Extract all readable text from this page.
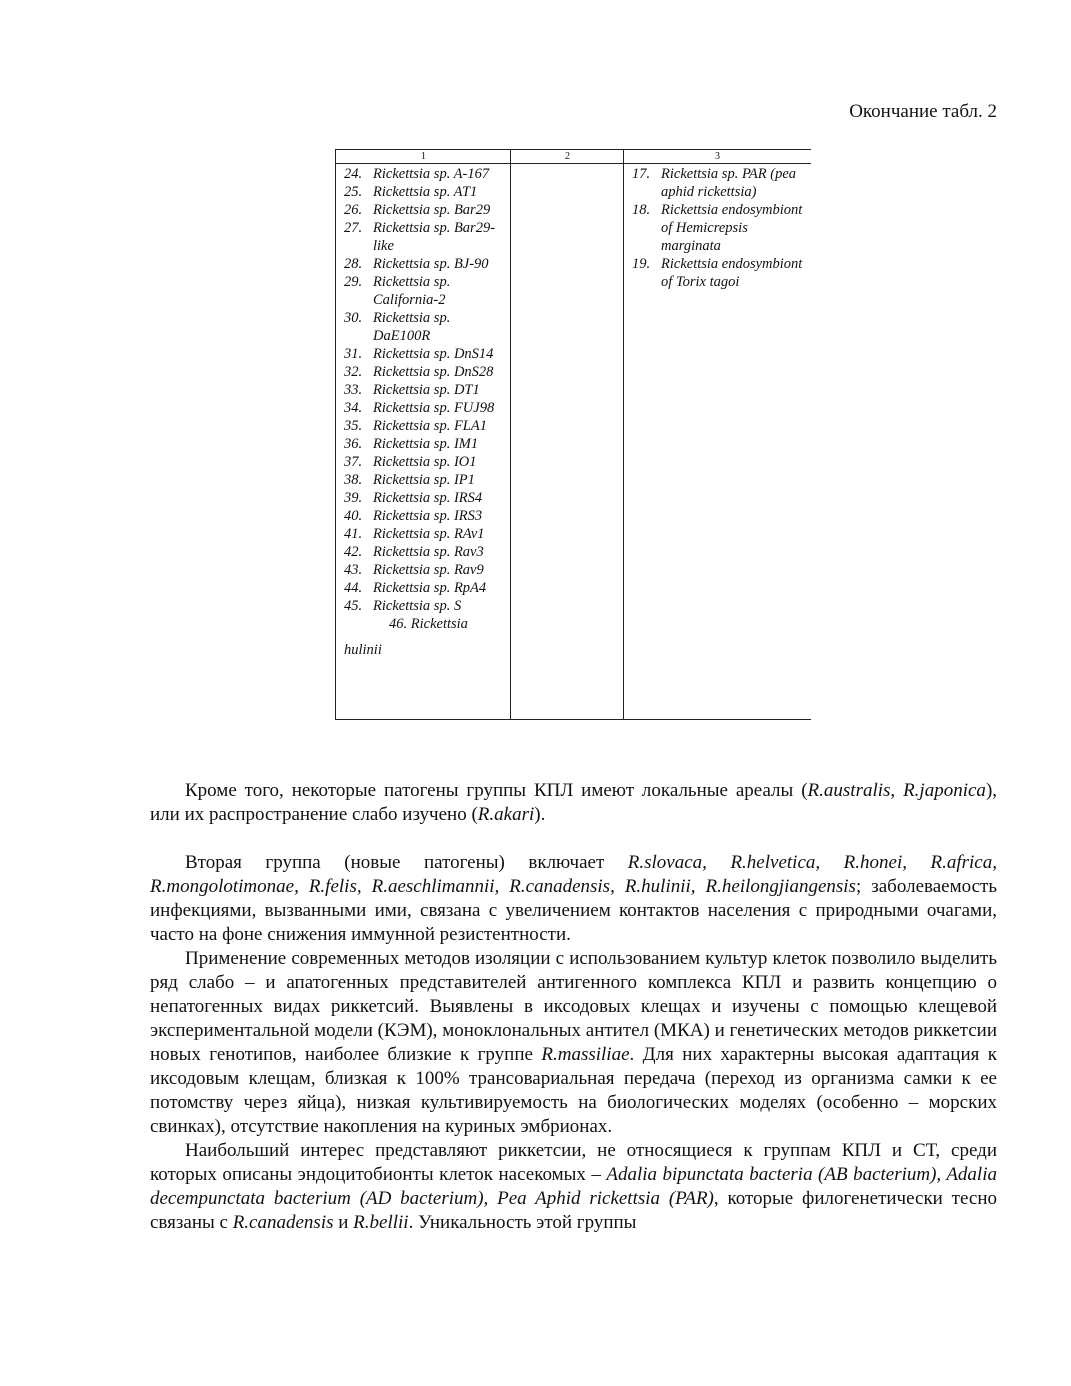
Окончание табл. 2
1	2	3
24. Rickettsia sp. A-167
25. Rickettsia sp. AT1
26. Rickettsia sp. Bar29
27. Rickettsia sp. Bar29-like
28. Rickettsia sp. BJ-90
29. Rickettsia sp. California-2
30. Rickettsia sp. DaE100R
31. Rickettsia sp. DnS14
32. Rickettsia sp. DnS28
33. Rickettsia sp. DT1
34. Rickettsia sp. FUJ98
35. Rickettsia sp. FLA1
36. Rickettsia sp. IM1
37. Rickettsia sp. IO1
38. Rickettsia sp. IP1
39. Rickettsia sp. IRS4
40. Rickettsia sp. IRS3
41. Rickettsia sp. RAv1
42. Rickettsia sp. Rav3
43. Rickettsia sp. Rav9
44. Rickettsia sp. RpA4
45. Rickettsia sp. S
46. Rickettsia
hulinii
17. Rickettsia sp. PAR (pea aphid rickettsia)
18. Rickettsia endosymbiont of Hemicrepsis marginata
19. Rickettsia endosymbiont of Torix tagoi

Кроме того, некоторые патогены группы КПЛ имеют локальные ареалы (R.australis, R.japonica), или их распространение слабо изучено (R.akari).

Вторая группа (новые патогены) включает R.slovaca, R.helvetica, R.honei, R.africa, R.mongolotimonae, R.felis, R.aeschlimannii, R.canadensis, R.hulinii, R.heilongjiangensis; заболеваемость инфекциями, вызванными ими, связана с увеличением контактов населения с природными очагами, часто на фоне снижения иммунной резистентности.

Применение современных методов изоляции с использованием культур клеток позволило выделить ряд слабо – и апатогенных представителей антигенного комплекса КПЛ и развить концепцию о непатогенных видах риккетсий. Выявлены в иксодовых клещах и изучены с помощью клещевой экспериментальной модели (КЭМ), моноклональных антител (МКА) и генетических методов риккетсии новых генотипов, наиболее близкие к группе R.massiliae. Для них характерны высокая адаптация к иксодовым клещам, близкая к 100% трансовариальная передача (переход из организма самки к ее потомству через яйца), низкая культивируемость на биологических моделях (особенно – морских свинках), отсутствие накопления на куриных эмбрионах.

Наибольший интерес представляют риккетсии, не относящиеся к группам КПЛ и СТ, среди которых описаны эндоцитобионты клеток насекомых – Adalia bipunctata bacteria (AB bacterium), Adalia decempunctata bacterium (AD bacterium), Pea Aphid rickettsia (PAR), которые филогенетически тесно связаны с R.canadensis и R.bellii. Уникальность этой группы
